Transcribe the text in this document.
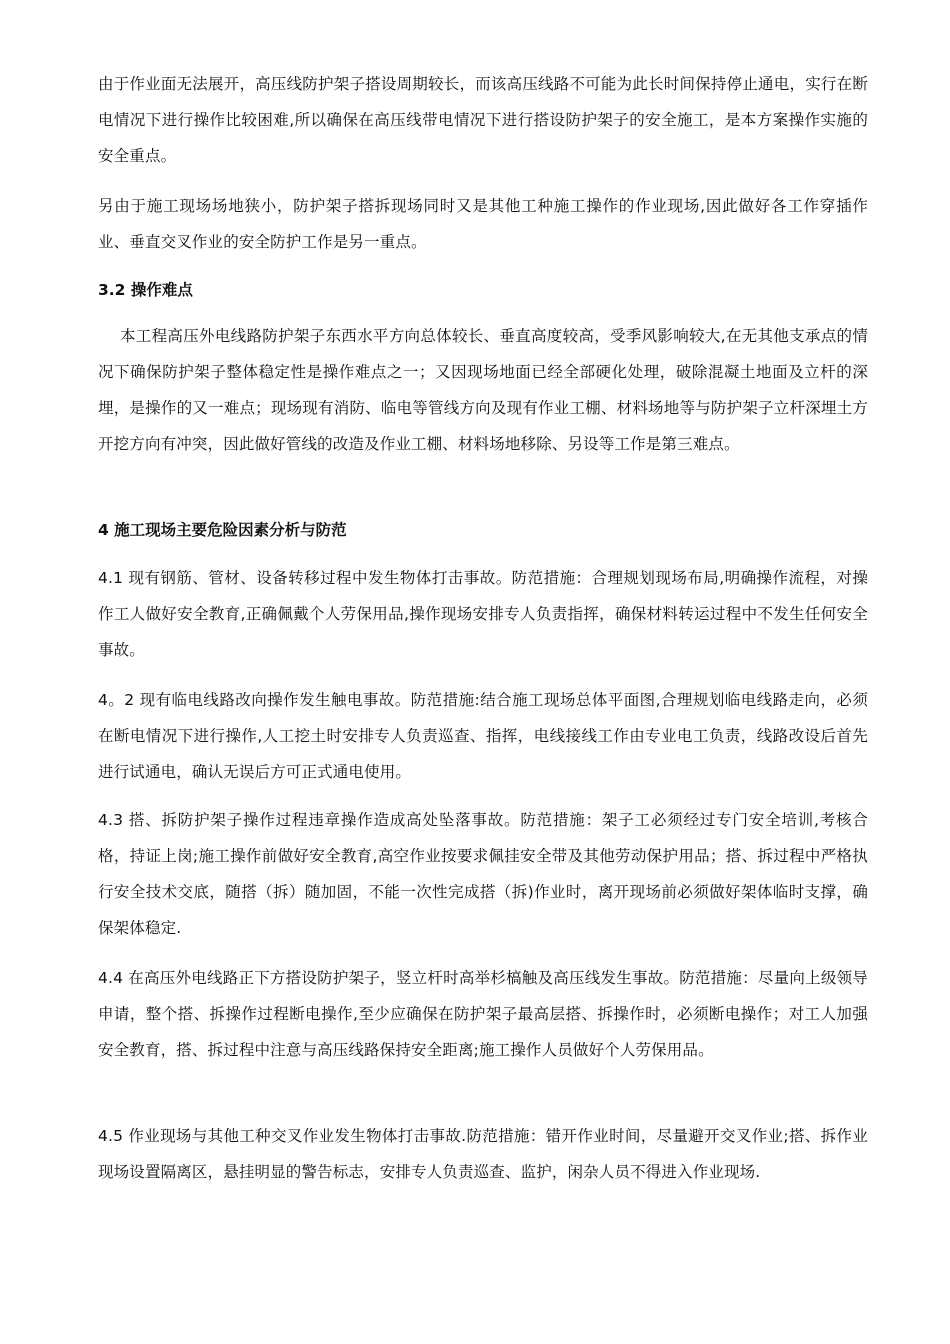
由于作业面无法展开，高压线防护架子搭设周期较长，而该高压线路不可能为此长时间保持停止通电，实行在断电情况下进行操作比较困难,所以确保在高压线带电情况下进行搭设防护架子的安全施工，是本方案操作实施的安全重点。

另由于施工现场场地狭小，防护架子搭拆现场同时又是其他工种施工操作的作业现场,因此做好各工作穿插作业、垂直交叉作业的安全防护工作是另一重点。

3.2 操作难点

本工程高压外电线路防护架子东西水平方向总体较长、垂直高度较高，受季风影响较大,在无其他支承点的情况下确保防护架子整体稳定性是操作难点之一；又因现场地面已经全部硬化处理，破除混凝土地面及立杆的深埋，是操作的又一难点；现场现有消防、临电等管线方向及现有作业工棚、材料场地等与防护架子立杆深埋土方开挖方向有冲突，因此做好管线的改造及作业工棚、材料场地移除、另设等工作是第三难点。

4 施工现场主要危险因素分析与防范

4.1 现有钢筋、管材、设备转移过程中发生物体打击事故。防范措施：合理规划现场布局,明确操作流程，对操作工人做好安全教育,正确佩戴个人劳保用品,操作现场安排专人负责指挥，确保材料转运过程中不发生任何安全事故。

4。2 现有临电线路改向操作发生触电事故。防范措施:结合施工现场总体平面图,合理规划临电线路走向，必须在断电情况下进行操作,人工挖土时安排专人负责巡查、指挥，电线接线工作由专业电工负责，线路改设后首先进行试通电，确认无误后方可正式通电使用。

4.3 搭、拆防护架子操作过程违章操作造成高处坠落事故。防范措施：架子工必须经过专门安全培训,考核合格，持证上岗;施工操作前做好安全教育,高空作业按要求佩挂安全带及其他劳动保护用品；搭、拆过程中严格执行安全技术交底，随搭（拆）随加固，不能一次性完成搭（拆)作业时，离开现场前必须做好架体临时支撑，确保架体稳定.

4.4 在高压外电线路正下方搭设防护架子，竖立杆时高举杉槁触及高压线发生事故。防范措施：尽量向上级领导申请，整个搭、拆操作过程断电操作,至少应确保在防护架子最高层搭、拆操作时，必须断电操作；对工人加强安全教育，搭、拆过程中注意与高压线路保持安全距离;施工操作人员做好个人劳保用品。

4.5 作业现场与其他工种交叉作业发生物体打击事故.防范措施：错开作业时间，尽量避开交叉作业;搭、拆作业现场设置隔离区，悬挂明显的警告标志，安排专人负责巡查、监护，闲杂人员不得进入作业现场.
